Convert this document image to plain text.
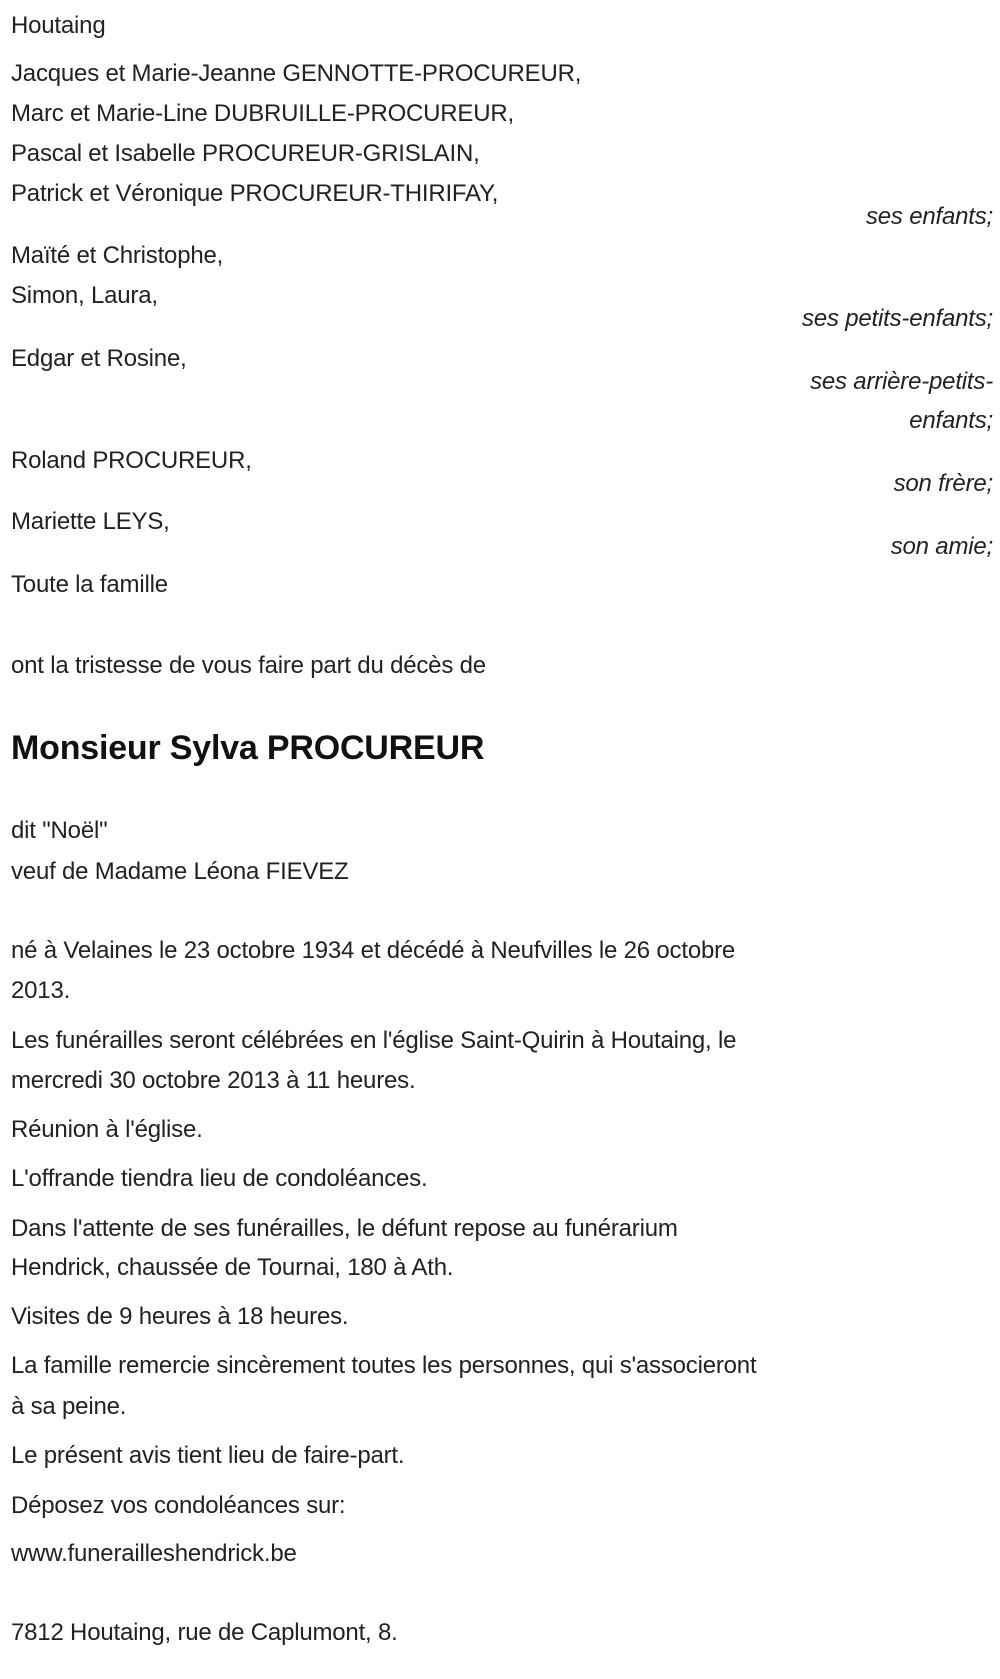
Houtaing
Jacques et Marie-Jeanne GENNOTTE-PROCUREUR,
Marc et Marie-Line DUBRUILLE-PROCUREUR,
Pascal et Isabelle PROCUREUR-GRISLAIN,
Patrick et Véronique PROCUREUR-THIRIFAY,
ses enfants;
Maïté et Christophe,
Simon, Laura,
ses petits-enfants;
Edgar et Rosine,
ses arrière-petits-
enfants;
Roland PROCUREUR,
son frère;
Mariette LEYS,
son amie;
Toute la famille
ont la tristesse de vous faire part du décès de
Monsieur Sylva PROCUREUR
dit "Noël"
veuf de Madame Léona FIEVEZ
né à Velaines le 23 octobre 1934 et décédé à Neufvilles le 26 octobre
2013.
Les funérailles seront célébrées en l'église Saint-Quirin à Houtaing, le
mercredi 30 octobre 2013 à 11 heures.
Réunion à l'église.
L'offrande tiendra lieu de condoléances.
Dans l'attente de ses funérailles, le défunt repose au funérarium
Hendrick, chaussée de Tournai, 180 à Ath.
Visites de 9 heures à 18 heures.
La famille remercie sincèrement toutes les personnes, qui s'associeront
à sa peine.
Le présent avis tient lieu de faire-part.
Déposez vos condoléances sur:
www.funerailleshendrick.be
7812 Houtaing, rue de Caplumont, 8.
